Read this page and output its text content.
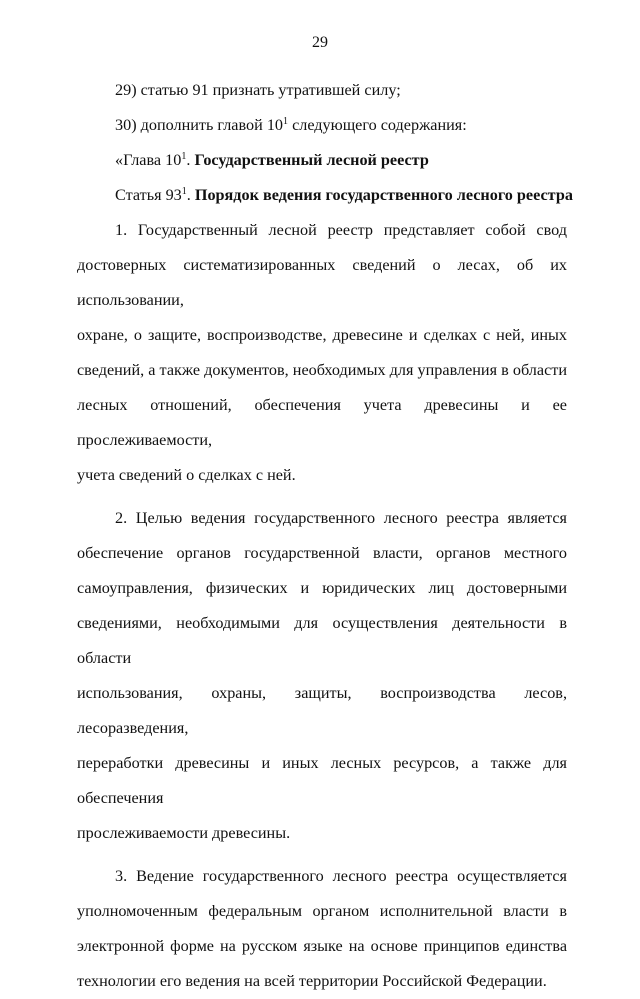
29
29) статью 91 признать утратившей силу;
30) дополнить главой $10^1$ следующего содержания:
«Глава $10^1$. Государственный лесной реестр
Статья $93^1$. Порядок ведения государственного лесного реестра
1. Государственный лесной реестр представляет собой свод
достоверных систематизированных сведений о лесах, об их использовании,
охране, о защите, воспроизводстве, древесине и сделках с ней, иных
сведений, а также документов, необходимых для управления в области
лесных отношений, обеспечения учета древесины и ее прослеживаемости,
учета сведений о сделках с ней.
2. Целью ведения государственного лесного реестра является
обеспечение органов государственной власти, органов местного
самоуправления, физических и юридических лиц достоверными
сведениями, необходимыми для осуществления деятельности в области
использования, охраны, защиты, воспроизводства лесов, лесоразведения,
переработки древесины и иных лесных ресурсов, а также для обеспечения
прослеживаемости древесины.
3. Ведение государственного лесного реестра осуществляется
уполномоченным федеральным органом исполнительной власти в
электронной форме на русском языке на основе принципов единства
технологии его ведения на всей территории Российской Федерации.
